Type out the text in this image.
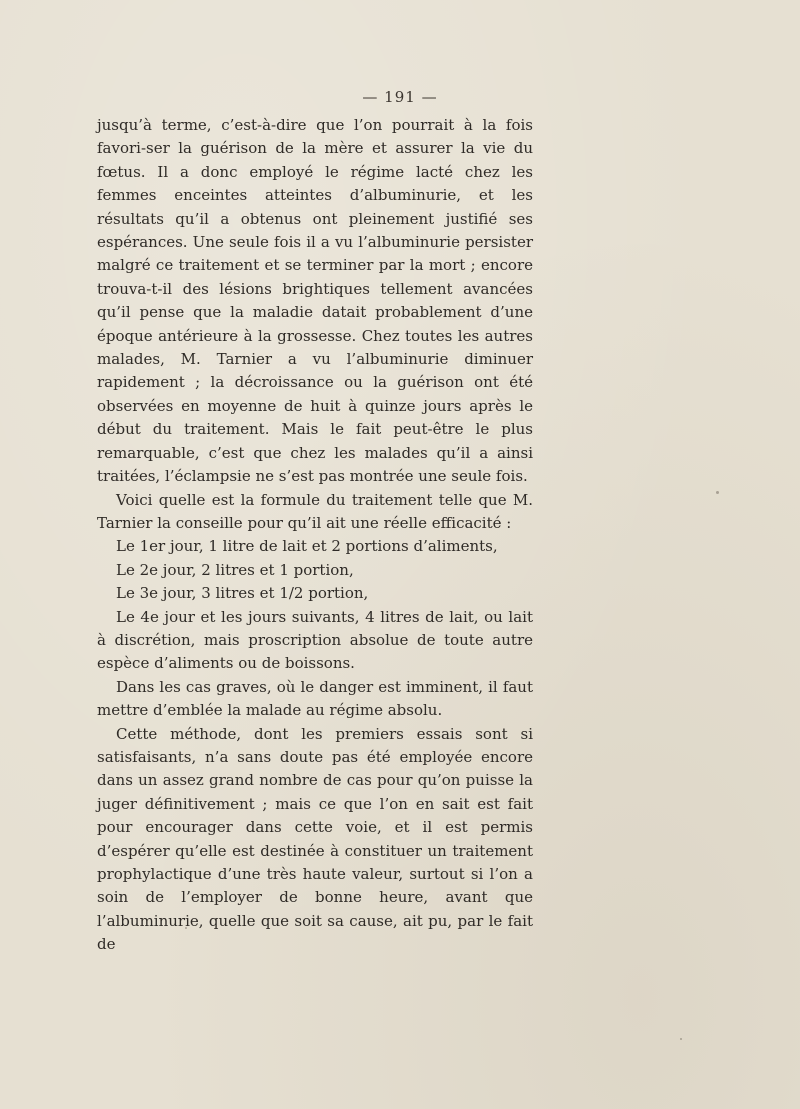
— 191 —

jusqu’à terme, c’est-à-dire que l’on pourrait à la fois favori-ser la guérison de la mère et assurer la vie du fœtus. Il a donc employé le régime lacté chez les femmes enceintes atteintes d’albuminurie, et les résultats qu’il a obtenus ont pleinement justifié ses espérances. Une seule fois il a vu l’albuminurie persister malgré ce traitement et se terminer par la mort ; encore trouva-t-il des lésions brightiques tellement avancées qu’il pense que la maladie datait probablement d’une époque antérieure à la grossesse. Chez toutes les autres malades, M. Tarnier a vu l’albuminurie diminuer rapidement ; la décroissance ou la guérison ont été observées en moyenne de huit à quinze jours après le début du traitement. Mais le fait peut-être le plus remarquable, c’est que chez les malades qu’il a ainsi traitées, l’éclampsie ne s’est pas montrée une seule fois.

Voici quelle est la formule du traitement telle que M. Tarnier la conseille pour qu’il ait une réelle efficacité :

Le 1er jour, 1 litre de lait et 2 portions d’aliments,

Le 2e jour, 2 litres et 1 portion,

Le 3e jour, 3 litres et 1/2 portion,

Le 4e jour et les jours suivants, 4 litres de lait, ou lait à discrétion, mais proscription absolue de toute autre espèce d’aliments ou de boissons.

Dans les cas graves, où le danger est imminent, il faut mettre d’emblée la malade au régime absolu.

Cette méthode, dont les premiers essais sont si satisfaisants, n’a sans doute pas été employée encore dans un assez grand nombre de cas pour qu’on puisse la juger définitivement ; mais ce que l’on en sait est fait pour encourager dans cette voie, et il est permis d’espérer qu’elle est destinée à constituer un traitement prophylactique d’une très haute valeur, surtout si l’on a soin de l’employer de bonne heure, avant que l’albuminurie, quelle que soit sa cause, ait pu, par le fait de
